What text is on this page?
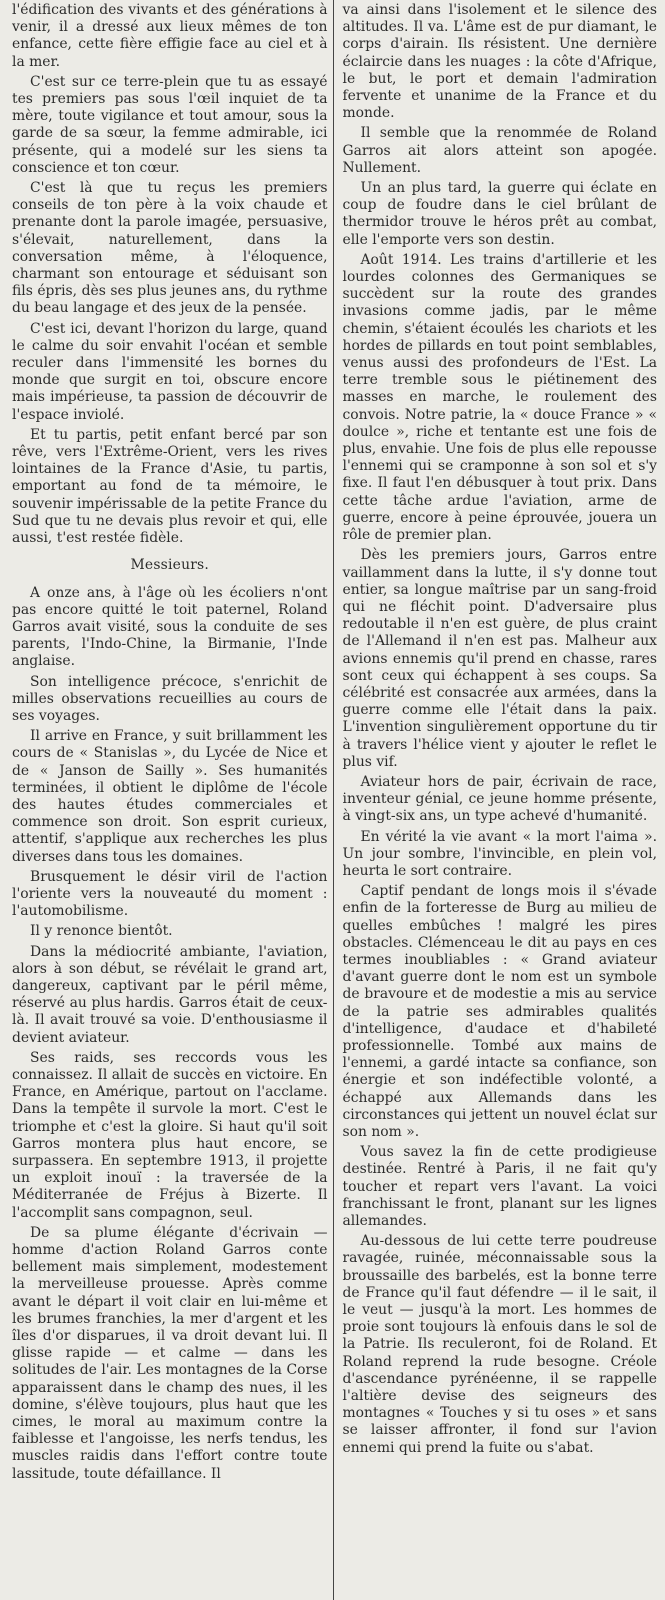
l'édification des vivants et des générations à venir, il a dressé aux lieux mêmes de ton enfance, cette fière effigie face au ciel et à la mer.

C'est sur ce terre-plein que tu as essayé tes premiers pas sous l'œil inquiet de ta mère, toute vigilance et tout amour, sous la garde de sa sœur, la femme admirable, ici présente, qui a modelé sur les siens ta conscience et ton cœur.

C'est là que tu reçus les premiers conseils de ton père à la voix chaude et prenante dont la parole imagée, persuasive, s'élevait, naturellement, dans la conversation même, à l'éloquence, charmant son entourage et séduisant son fils épris, dès ses plus jeunes ans, du rythme du beau langage et des jeux de la pensée.

C'est ici, devant l'horizon du large, quand le calme du soir envahit l'océan et semble reculer dans l'immensité les bornes du monde que surgit en toi, obscure encore mais impérieuse, ta passion de découvrir de l'espace inviolé.

Et tu partis, petit enfant bercé par son rêve, vers l'Extrême-Orient, vers les rives lointaines de la France d'Asie, tu partis, emportant au fond de ta mémoire, le souvenir impérissable de la petite France du Sud que tu ne devais plus revoir et qui, elle aussi, t'est restée fidèle.

Messieurs.

A onze ans, à l'âge où les écoliers n'ont pas encore quitté le toit paternel, Roland Garros avait visité, sous la conduite de ses parents, l'Indo-Chine, la Birmanie, l'Inde anglaise.

Son intelligence précoce, s'enrichit de milles observations recueillies au cours de ses voyages.

Il arrive en France, y suit brillamment les cours de « Stanislas », du Lycée de Nice et de « Janson de Sailly ». Ses humanités terminées, il obtient le diplôme de l'école des hautes études commerciales et commence son droit. Son esprit curieux, attentif, s'applique aux recherches les plus diverses dans tous les domaines.

Brusquement le désir viril de l'action l'oriente vers la nouveauté du moment : l'automobilisme.

Il y renonce bientôt.

Dans la médiocrité ambiante, l'aviation, alors à son début, se révélait le grand art, dangereux, captivant par le péril même, réservé au plus hardis. Garros était de ceux-là. Il avait trouvé sa voie. D'enthousiasme il devient aviateur.

Ses raids, ses reccords vous les connaissez. Il allait de succès en victoire. En France, en Amérique, partout on l'acclame. Dans la tempête il survole la mort. C'est le triomphe et c'est la gloire. Si haut qu'il soit Garros montera plus haut encore, se surpassera. En septembre 1913, il projette un exploit inouï : la traversée de la Méditerranée de Fréjus à Bizerte. Il l'accomplit sans compagnon, seul.

De sa plume élégante d'écrivain — homme d'action Roland Garros conte bellement mais simplement, modestement la merveilleuse prouesse. Après comme avant le départ il voit clair en lui-même et les brumes franchies, la mer d'argent et les îles d'or disparues, il va droit devant lui. Il glisse rapide — et calme — dans les solitudes de l'air. Les montagnes de la Corse apparaissent dans le champ des nues, il les domine, s'élève toujours, plus haut que les cimes, le moral au maximum contre la faiblesse et l'angoisse, les nerfs tendus, les muscles raidis dans l'effort contre toute lassitude, toute défaillance. Il

va ainsi dans l'isolement et le silence des altitudes. Il va. L'âme est de pur diamant, le corps d'airain. Ils résistent. Une dernière éclaircie dans les nuages : la côte d'Afrique, le but, le port et demain l'admiration fervente et unanime de la France et du monde.

Il semble que la renommée de Roland Garros ait alors atteint son apogée. Nullement.

Un an plus tard, la guerre qui éclate en coup de foudre dans le ciel brûlant de thermidor trouve le héros prêt au combat, elle l'emporte vers son destin.

Août 1914. Les trains d'artillerie et les lourdes colonnes des Germaniques se succèdent sur la route des grandes invasions comme jadis, par le même chemin, s'étaient écoulés les chariots et les hordes de pillards en tout point semblables, venus aussi des profondeurs de l'Est. La terre tremble sous le piétinement des masses en marche, le roulement des convois. Notre patrie, la « douce France » « doulce », riche et tentante est une fois de plus, envahie. Une fois de plus elle repousse l'ennemi qui se cramponne à son sol et s'y fixe. Il faut l'en débusquer à tout prix. Dans cette tâche ardue l'aviation, arme de guerre, encore à peine éprouvée, jouera un rôle de premier plan.

Dès les premiers jours, Garros entre vaillamment dans la lutte, il s'y donne tout entier, sa longue maîtrise par un sang-froid qui ne fléchit point. D'adversaire plus redoutable il n'en est guère, de plus craint de l'Allemand il n'en est pas. Malheur aux avions ennemis qu'il prend en chasse, rares sont ceux qui échappent à ses coups. Sa célébrité est consacrée aux armées, dans la guerre comme elle l'était dans la paix. L'invention singulièrement opportune du tir à travers l'hélice vient y ajouter le reflet le plus vif.

Aviateur hors de pair, écrivain de race, inventeur génial, ce jeune homme présente, à vingt-six ans, un type achevé d'humanité.

En vérité la vie avant « la mort l'aima ». Un jour sombre, l'invincible, en plein vol, heurta le sort contraire.

Captif pendant de longs mois il s'évade enfin de la forteresse de Burg au milieu de quelles embûches ! malgré les pires obstacles. Clémenceau le dit au pays en ces termes inoubliables : « Grand aviateur d'avant guerre dont le nom est un symbole de bravoure et de modestie a mis au service de la patrie ses admirables qualités d'intelligence, d'audace et d'habileté professionnelle. Tombé aux mains de l'ennemi, a gardé intacte sa confiance, son énergie et son indéfectible volonté, a échappé aux Allemands dans les circonstances qui jettent un nouvel éclat sur son nom ».

Vous savez la fin de cette prodigieuse destinée. Rentré à Paris, il ne fait qu'y toucher et repart vers l'avant. La voici franchissant le front, planant sur les lignes allemandes.

Au-dessous de lui cette terre poudreuse ravagée, ruinée, méconnaissable sous la broussaille des barbelés, est la bonne terre de France qu'il faut défendre — il le sait, il le veut — jusqu'à la mort. Les hommes de proie sont toujours là enfouis dans le sol de la Patrie. Ils reculeront, foi de Roland. Et Roland reprend la rude besogne. Créole d'ascendance pyrénéenne, il se rappelle l'altière devise des seigneurs des montagnes « Touches y si tu oses » et sans se laisser affronter, il fond sur l'avion ennemi qui prend la fuite ou s'abat.
